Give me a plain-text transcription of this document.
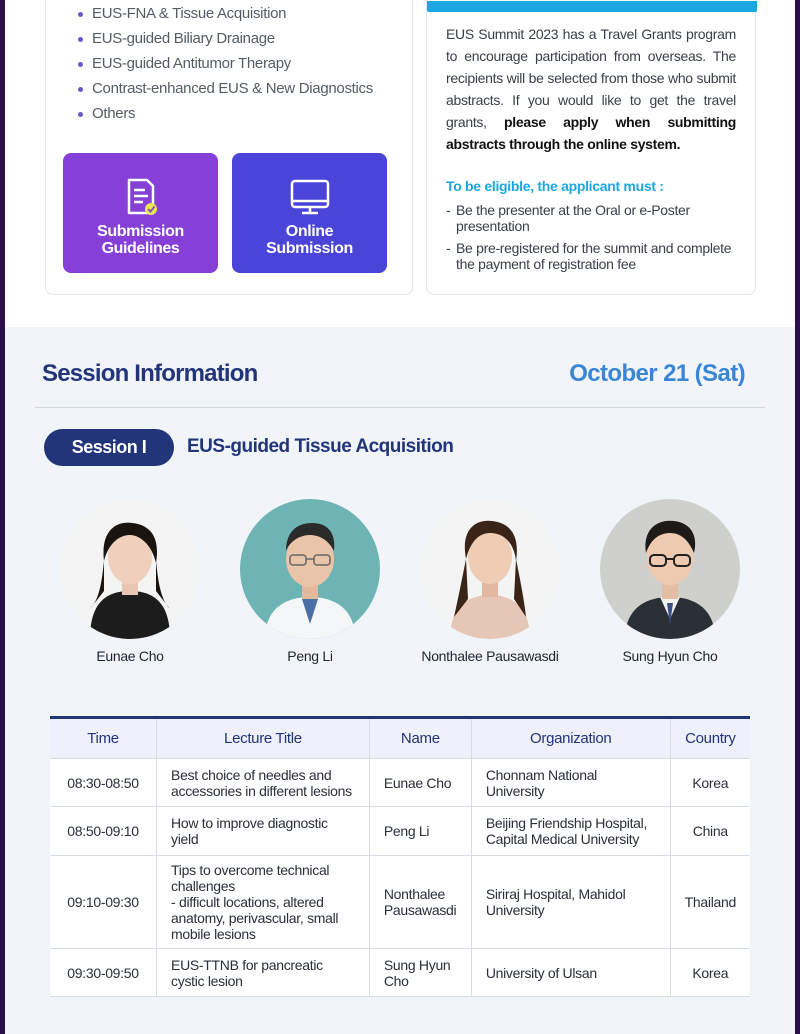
EUS-FNA & Tissue Acquisition
EUS-guided Biliary Drainage
EUS-guided Antitumor Therapy
Contrast-enhanced EUS & New Diagnostics
Others
Submission
Guidelines
Online
Submission

EUS Summit 2023 has a Travel Grants program to encourage participation from overseas. The recipients will be selected from those who submit abstracts. If you would like to get the travel grants, please apply when submitting abstracts through the online system.

To be eligible, the applicant must :
- Be the presenter at the Oral or e-Poster presentation
- Be pre-registered for the summit and complete the payment of registration fee
Session Information	October 21 (Sat)
Session I	EUS-guided Tissue Acquisition
Eunae Cho	Peng Li	Nonthalee Pausawasdi	Sung Hyun Cho
Time	Lecture Title	Name	Organization	Country
08:30-08:50	Best choice of needles and accessories in different lesions	Eunae Cho	Chonnam National University	Korea
08:50-09:10	How to improve diagnostic yield	Peng Li	Beijing Friendship Hospital, Capital Medical University	China
09:10-09:30	Tips to overcome technical challenges
- difficult locations, altered anatomy, perivascular, small mobile lesions	Nonthalee Pausawasdi	Siriraj Hospital, Mahidol University	Thailand
09:30-09:50	EUS-TTNB for pancreatic cystic lesion	Sung Hyun Cho	University of Ulsan	Korea
